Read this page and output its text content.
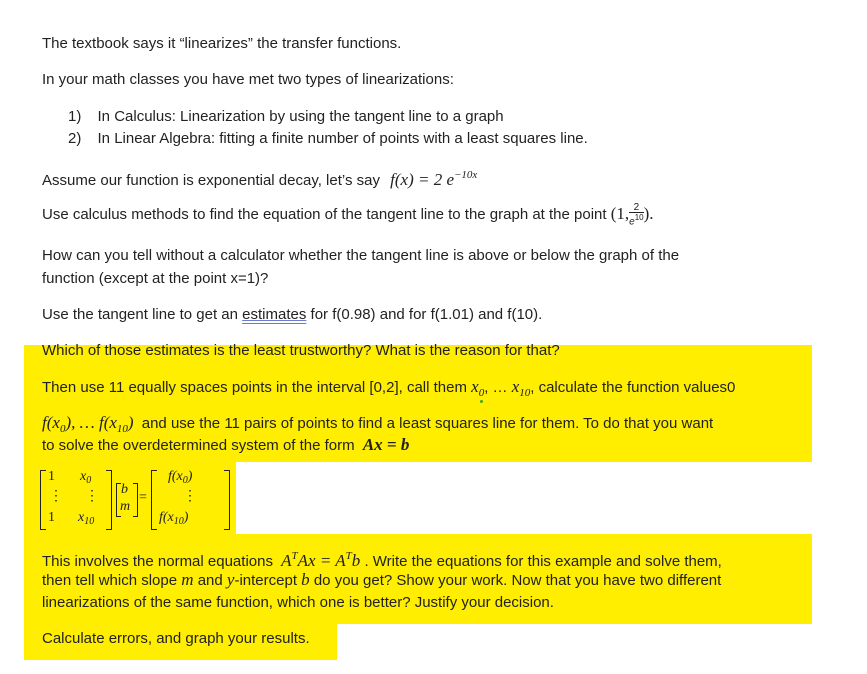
The textbook says it “linearizes” the transfer functions.
In your math classes you have met two types of linearizations:
1) In Calculus: Linearization by using the tangent line to a graph
2) In Linear Algebra: fitting a finite number of points with a least squares line.
Assume our function is exponential decay, let’s say f(x) = 2 $e^{-10x}$
Use calculus methods to find the equation of the tangent line to the graph at the point (1, $\frac{2}{e^{10}}$ ).
How can you tell without a calculator whether the tangent line is above or below the graph of the
function (except at the point x=1)?
Use the tangent line to get an estimates for f(0.98) and for f(1.01) and f(10).
Which of those estimates is the least trustworthy? What is the reason for that?
Then use 11 equally spaces points in the interval [0,2], call them $x_0$, … $x_{10}$, calculate the function values0
$f(x_0)$, … $f(x_{10})$ and use the 11 pairs of points to find a least squares line for them. To do that you want
to solve the overdetermined system of the form Ax = b
1 $x_0$
⋮ ⋮
1 $x_{10}$
b
m
=
$f(x_0)$
⋮
$f(x_{10})$
This involves the normal equations $A^TAx = A^Tb$ . Write the equations for this example and solve them,
then tell which slope m and y-intercept b do you get? Show your work. Now that you have two different
linearizations of the same function, which one is better? Justify your decision.
Calculate errors, and graph your results.
